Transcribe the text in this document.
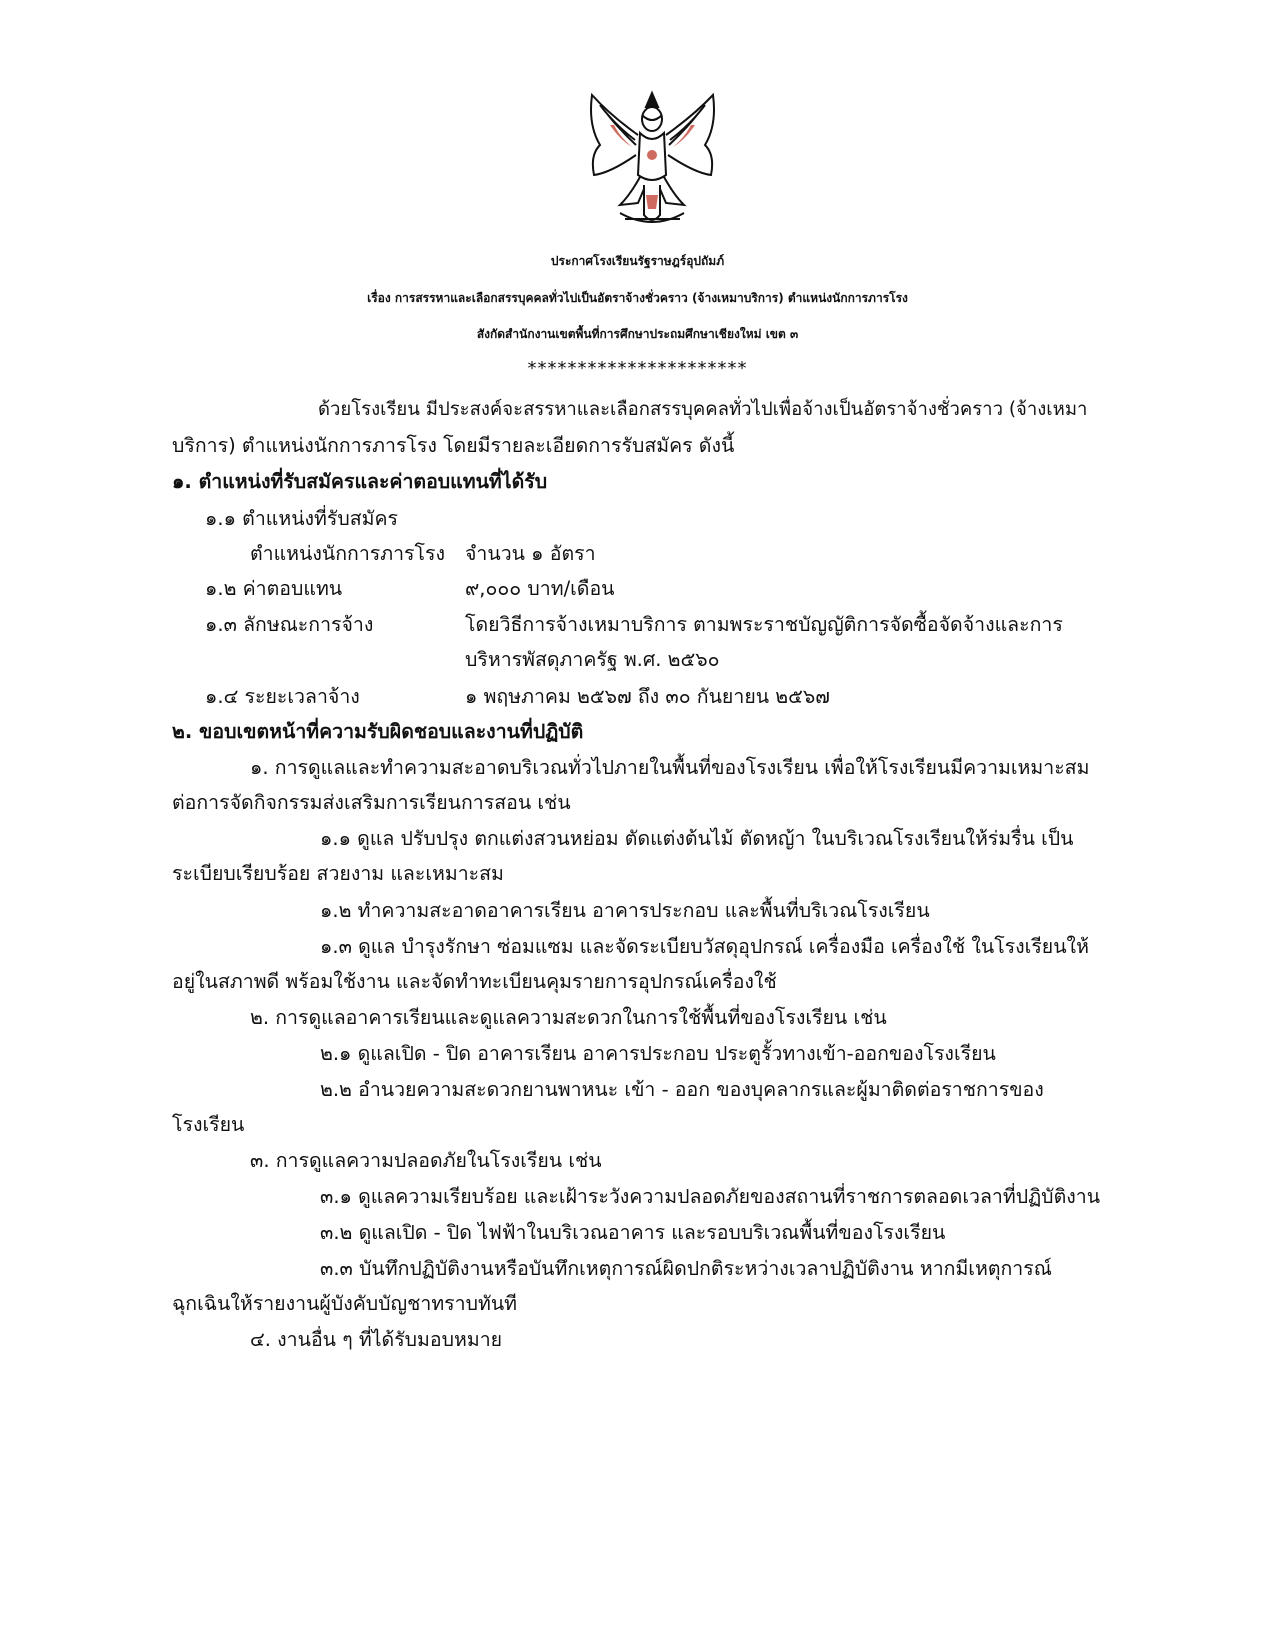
ประกาศโรงเรียนรัฐราษฎร์อุปถัมภ์
เรื่อง การสรรหาและเลือกสรรบุคคลทั่วไปเป็นอัตราจ้างชั่วคราว (จ้างเหมาบริการ) ตำแหน่งนักการภารโรง
สังกัดสำนักงานเขตพื้นที่การศึกษาประถมศึกษาเชียงใหม่ เขต ๓
**********************
ด้วยโรงเรียน มีประสงค์จะสรรหาและเลือกสรรบุคคลทั่วไปเพื่อจ้างเป็นอัตราจ้างชั่วคราว (จ้างเหมา
บริการ) ตำแหน่งนักการภารโรง โดยมีรายละเอียดการรับสมัคร ดังนี้
๑. ตำแหน่งที่รับสมัครและค่าตอบแทนที่ได้รับ
๑.๑ ตำแหน่งที่รับสมัคร
ตำแหน่งนักการภารโรง จำนวน ๑ อัตรา
๑.๒ ค่าตอบแทน	๙,๐๐๐ บาท/เดือน
๑.๓ ลักษณะการจ้าง	โดยวิธีการจ้างเหมาบริการ ตามพระราชบัญญัติการจัดซื้อจัดจ้างและการ
บริหารพัสดุภาครัฐ พ.ศ. ๒๕๖๐
๑.๔ ระยะเวลาจ้าง	๑ พฤษภาคม ๒๕๖๗ ถึง ๓๐ กันยายน ๒๕๖๗
๒. ขอบเขตหน้าที่ความรับผิดชอบและงานที่ปฏิบัติ
๑. การดูแลและทำความสะอาดบริเวณทั่วไปภายในพื้นที่ของโรงเรียน เพื่อให้โรงเรียนมีความเหมาะสม
ต่อการจัดกิจกรรมส่งเสริมการเรียนการสอน เช่น
๑.๑ ดูแล ปรับปรุง ตกแต่งสวนหย่อม ตัดแต่งต้นไม้ ตัดหญ้า ในบริเวณโรงเรียนให้ร่มรื่น เป็น
ระเบียบเรียบร้อย สวยงาม และเหมาะสม
๑.๒ ทำความสะอาดอาคารเรียน อาคารประกอบ และพื้นที่บริเวณโรงเรียน
๑.๓ ดูแล บำรุงรักษา ซ่อมแซม และจัดระเบียบวัสดุอุปกรณ์ เครื่องมือ เครื่องใช้ ในโรงเรียนให้
อยู่ในสภาพดี พร้อมใช้งาน และจัดทำทะเบียนคุมรายการอุปกรณ์เครื่องใช้
๒. การดูแลอาคารเรียนและดูแลความสะดวกในการใช้พื้นที่ของโรงเรียน เช่น
๒.๑ ดูแลเปิด - ปิด อาคารเรียน อาคารประกอบ ประตูรั้วทางเข้า-ออกของโรงเรียน
๒.๒ อำนวยความสะดวกยานพาหนะ เข้า - ออก ของบุคลากรและผู้มาติดต่อราชการของ
โรงเรียน
๓. การดูแลความปลอดภัยในโรงเรียน เช่น
๓.๑ ดูแลความเรียบร้อย และเฝ้าระวังความปลอดภัยของสถานที่ราชการตลอดเวลาที่ปฏิบัติงาน
๓.๒ ดูแลเปิด - ปิด ไฟฟ้าในบริเวณอาคาร และรอบบริเวณพื้นที่ของโรงเรียน
๓.๓ บันทึกปฏิบัติงานหรือบันทึกเหตุการณ์ผิดปกติระหว่างเวลาปฏิบัติงาน หากมีเหตุการณ์
ฉุกเฉินให้รายงานผู้บังคับบัญชาทราบทันที
๔. งานอื่น ๆ ที่ได้รับมอบหมาย
